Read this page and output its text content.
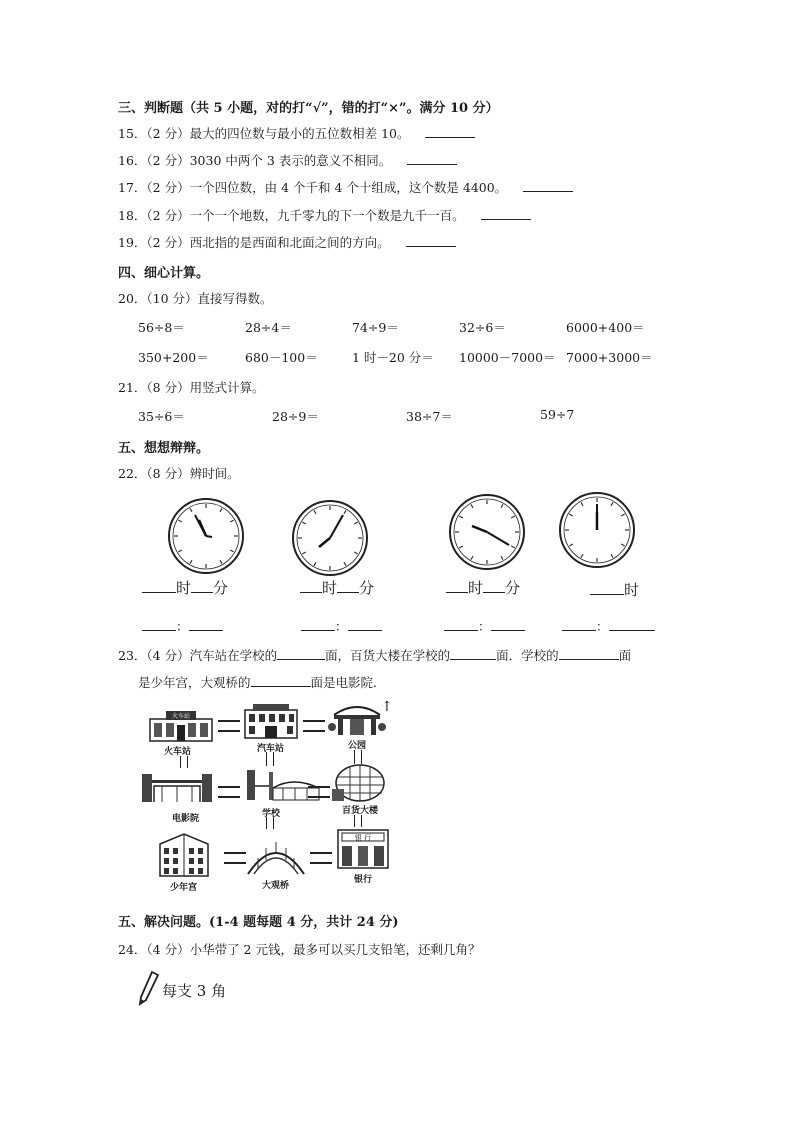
三、判断题（共 5 小题，对的打“√”，错的打“×”。满分 10 分）
15．（2 分）最大的四位数与最小的五位数相差 10。
16．（2 分）3030 中两个 3 表示的意义不相同。
17．（2 分）一个四位数，由 4 个千和 4 个十组成，这个数是 4400。
18．（2 分）一个一个地数，九千零九的下一个数是九千一百。
19．（2 分）西北指的是西面和北面之间的方向。
四、细心计算。
20．（10 分）直接写得数。
56÷8＝	28÷4＝	74÷9＝	32÷6＝	6000+400＝
350+200＝	680－100＝	1 时－20 分＝ 10000－7000＝ 7000+3000＝
21．（8 分）用竖式计算。
35÷6＝	28÷9＝	38÷7＝	59÷7
五、想想辩辩。
22．（8 分）辨时间。
时 分	时 分	时 分	时
：	：	：	：
23．（4 分）汽车站在学校的	面，百货大楼在学校的	面．学校的	面
是少年宫，大观桥的	面是电影院．
↑
火车站
火车站	汽车站	公园
电影院	学校	百货大楼
少年宫	大观桥
银 行
银行
五、解决问题。(1-4 题每题 4 分，共计 24 分)
24．（4 分）小华带了 2 元钱，最多可以买几支铅笔，还剩几角？
每支 3 角
